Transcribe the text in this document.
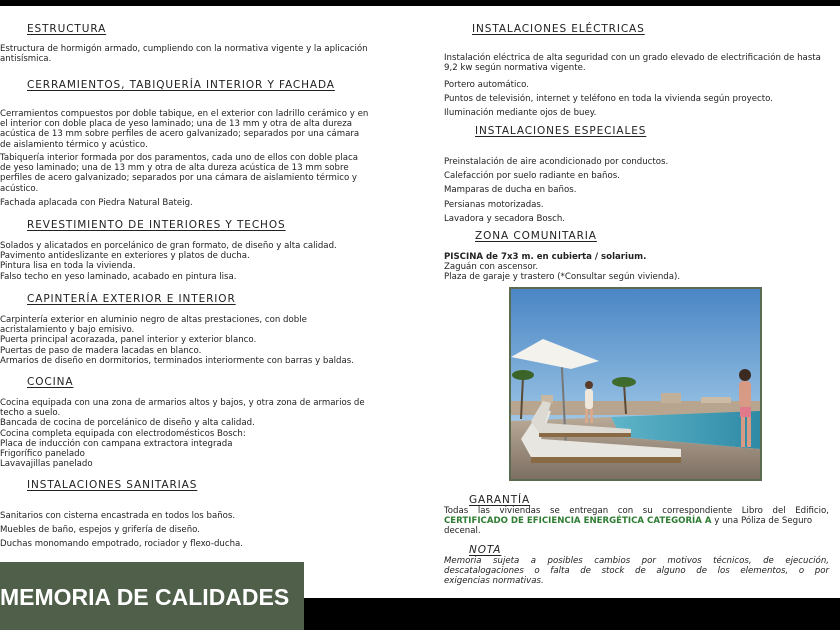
ESTRUCTURA
Estructura de hormigón armado, cumpliendo con la normativa vigente y la aplicación
antisísmica.
CERRAMIENTOS, TABIQUERÍA INTERIOR Y FACHADA
Cerramientos compuestos por doble tabique, en el exterior con ladrillo cerámico y en
el interior con doble placa de yeso laminado; una de 13 mm y otra de alta dureza
acústica de 13 mm sobre perfiles de acero galvanizado; separados por una cámara
de aislamiento térmico y acústico.
Tabiquería interior formada por dos paramentos, cada uno de ellos con doble placa
de yeso laminado; una de 13 mm y otra de alta dureza acústica de 13 mm sobre
perfiles de acero galvanizado; separados por una cámara de aislamiento térmico y
acústico.
Fachada aplacada con Piedra Natural Bateig.
REVESTIMIENTO DE INTERIORES Y TECHOS
Solados y alicatados en porcelánico de gran formato, de diseño y alta calidad.
Pavimento antideslizante en exteriores y platos de ducha.
Pintura lisa en toda la vivienda.
Falso techo en yeso laminado, acabado en pintura lisa.
CAPINTERÍA EXTERIOR E INTERIOR
Carpintería exterior en aluminio negro de altas prestaciones, con doble
acristalamiento y bajo emisivo.
Puerta principal acorazada, panel interior y exterior blanco.
Puertas de paso de madera lacadas en blanco.
Armarios de diseño en dormitorios, terminados interiormente con barras y baldas.
COCINA
Cocina equipada con una zona de armarios altos y bajos, y otra zona de armarios de
techo a suelo.
Bancada de cocina de porcelánico de diseño y alta calidad.
Cocina completa equipada con electrodomésticos Bosch:
Placa de inducción con campana extractora integrada
Frigorífico panelado
Lavavajillas panelado
INSTALACIONES SANITARIAS
Sanitarios con cisterna encastrada en todos los baños.
Muebles de baño, espejos y grifería de diseño.
Duchas monomando empotrado, rociador y flexo-ducha.
INSTALACIONES ELÉCTRICAS
Instalación eléctrica de alta seguridad con un grado elevado de electrificación de hasta
9,2 kw según normativa vigente.
Portero automático.
Puntos de televisión, internet y teléfono en toda la vivienda según proyecto.
Iluminación mediante ojos de buey.
INSTALACIONES ESPECIALES
Preinstalación de aire acondicionado por conductos.
Calefacción por suelo radiante en baños.
Mamparas de ducha en baños.
Persianas motorizadas.
Lavadora y secadora Bosch.
ZONA COMUNITARIA
PISCINA de 7x3 m. en cubierta / solarium.
Zaguán con ascensor.
Plaza de garaje y trastero (*Consultar según vivienda).
GARANTÍA
Todas las viviendas se entregan con su correspondiente Libro del Edificio,
CERTIFICADO DE EFICIENCIA ENERGÉTICA CATEGORÍA A y una Póliza de Seguro
decenal.
NOTA
Memoria sujeta a posibles cambios por motivos técnicos, de ejecución,
descatalogaciones o falta de stock de alguno de los elementos, o por
exigencias normativas.
MEMORIA DE CALIDADES
